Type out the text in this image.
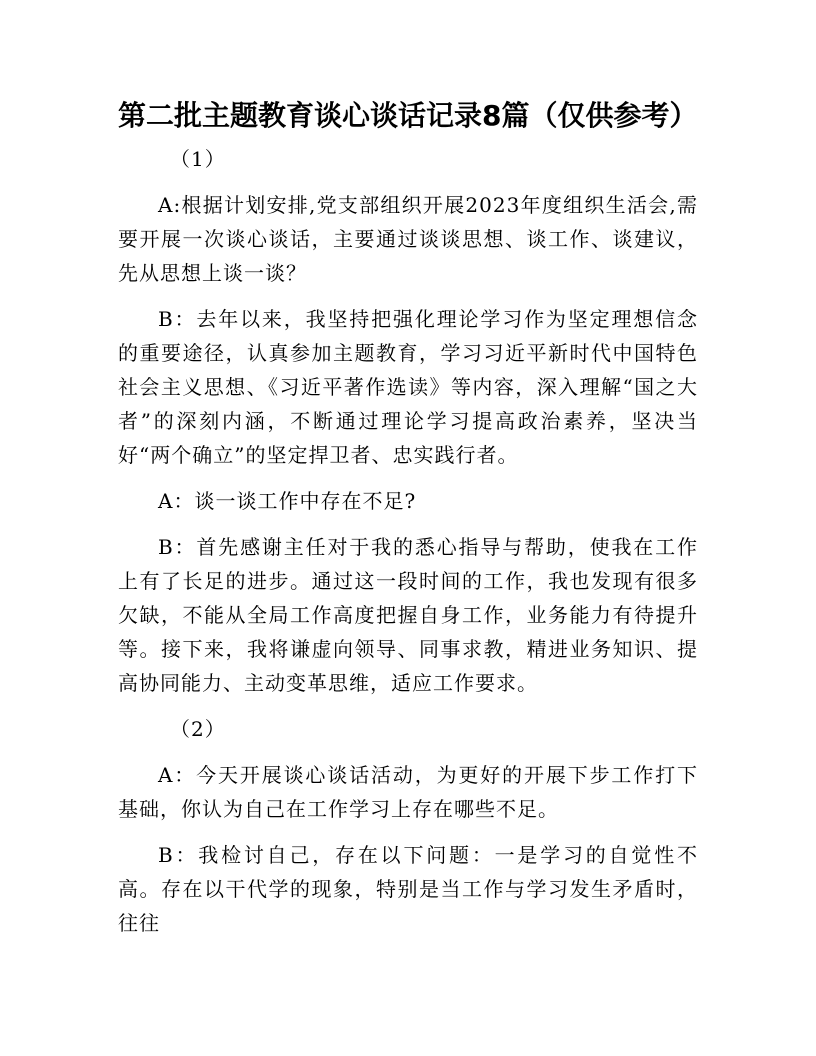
第二批主题教育谈心谈话记录8篇（仅供参考）

（1）

A:根据计划安排,党支部组织开展2023年度组织生活会,需要开展一次谈心谈话，主要通过谈谈思想、谈工作、谈建议，先从思想上谈一谈？

B：去年以来，我坚持把强化理论学习作为坚定理想信念的重要途径，认真参加主题教育，学习习近平新时代中国特色社会主义思想、《习近平著作选读》等内容，深入理解“国之大者”的深刻内涵，不断通过理论学习提高政治素养，坚决当好“两个确立”的坚定捍卫者、忠实践行者。

A：谈一谈工作中存在不足?

B：首先感谢主任对于我的悉心指导与帮助，使我在工作上有了长足的进步。通过这一段时间的工作，我也发现有很多欠缺，不能从全局工作高度把握自身工作，业务能力有待提升等。接下来，我将谦虚向领导、同事求教，精进业务知识、提高协同能力、主动变革思维，适应工作要求。

（2）

A：今天开展谈心谈话活动，为更好的开展下步工作打下基础，你认为自己在工作学习上存在哪些不足。

B：我检讨自己，存在以下问题：一是学习的自觉性不高。存在以干代学的现象，特别是当工作与学习发生矛盾时，往往
